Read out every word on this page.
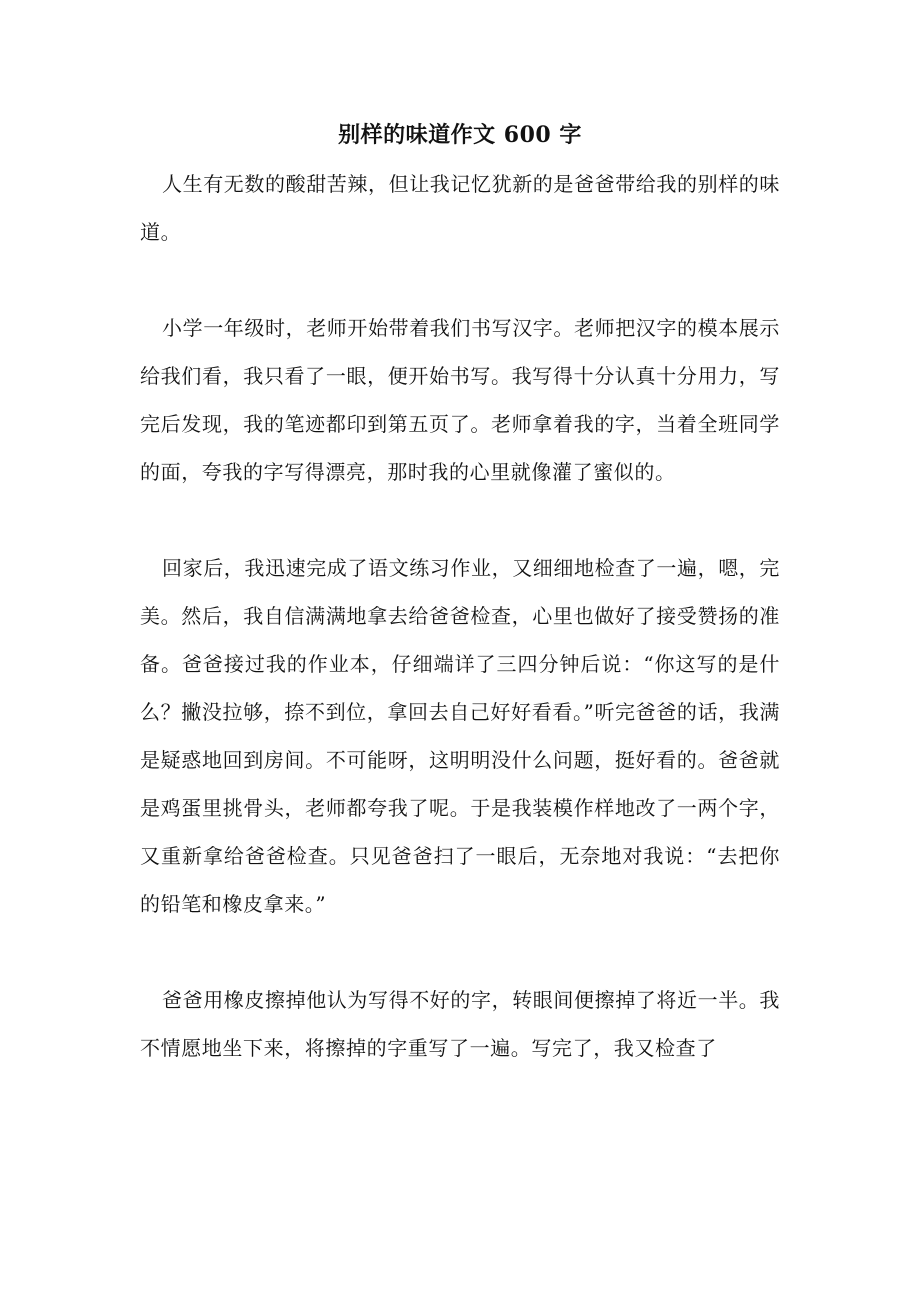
别样的味道作文 600 字

人生有无数的酸甜苦辣，但让我记忆犹新的是爸爸带给我的别样的味道。

小学一年级时，老师开始带着我们书写汉字。老师把汉字的模本展示给我们看，我只看了一眼，便开始书写。我写得十分认真十分用力，写完后发现，我的笔迹都印到第五页了。老师拿着我的字，当着全班同学的面，夸我的字写得漂亮，那时我的心里就像灌了蜜似的。

回家后，我迅速完成了语文练习作业，又细细地检查了一遍，嗯，完美。然后，我自信满满地拿去给爸爸检查，心里也做好了接受赞扬的准备。爸爸接过我的作业本，仔细端详了三四分钟后说：“你这写的是什么？撇没拉够，捺不到位，拿回去自己好好看看。”听完爸爸的话，我满是疑惑地回到房间。不可能呀，这明明没什么问题，挺好看的。爸爸就是鸡蛋里挑骨头，老师都夸我了呢。于是我装模作样地改了一两个字，又重新拿给爸爸检查。只见爸爸扫了一眼后，无奈地对我说：“去把你的铅笔和橡皮拿来。”

爸爸用橡皮擦掉他认为写得不好的字，转眼间便擦掉了将近一半。我不情愿地坐下来，将擦掉的字重写了一遍。写完了，我又检查了
